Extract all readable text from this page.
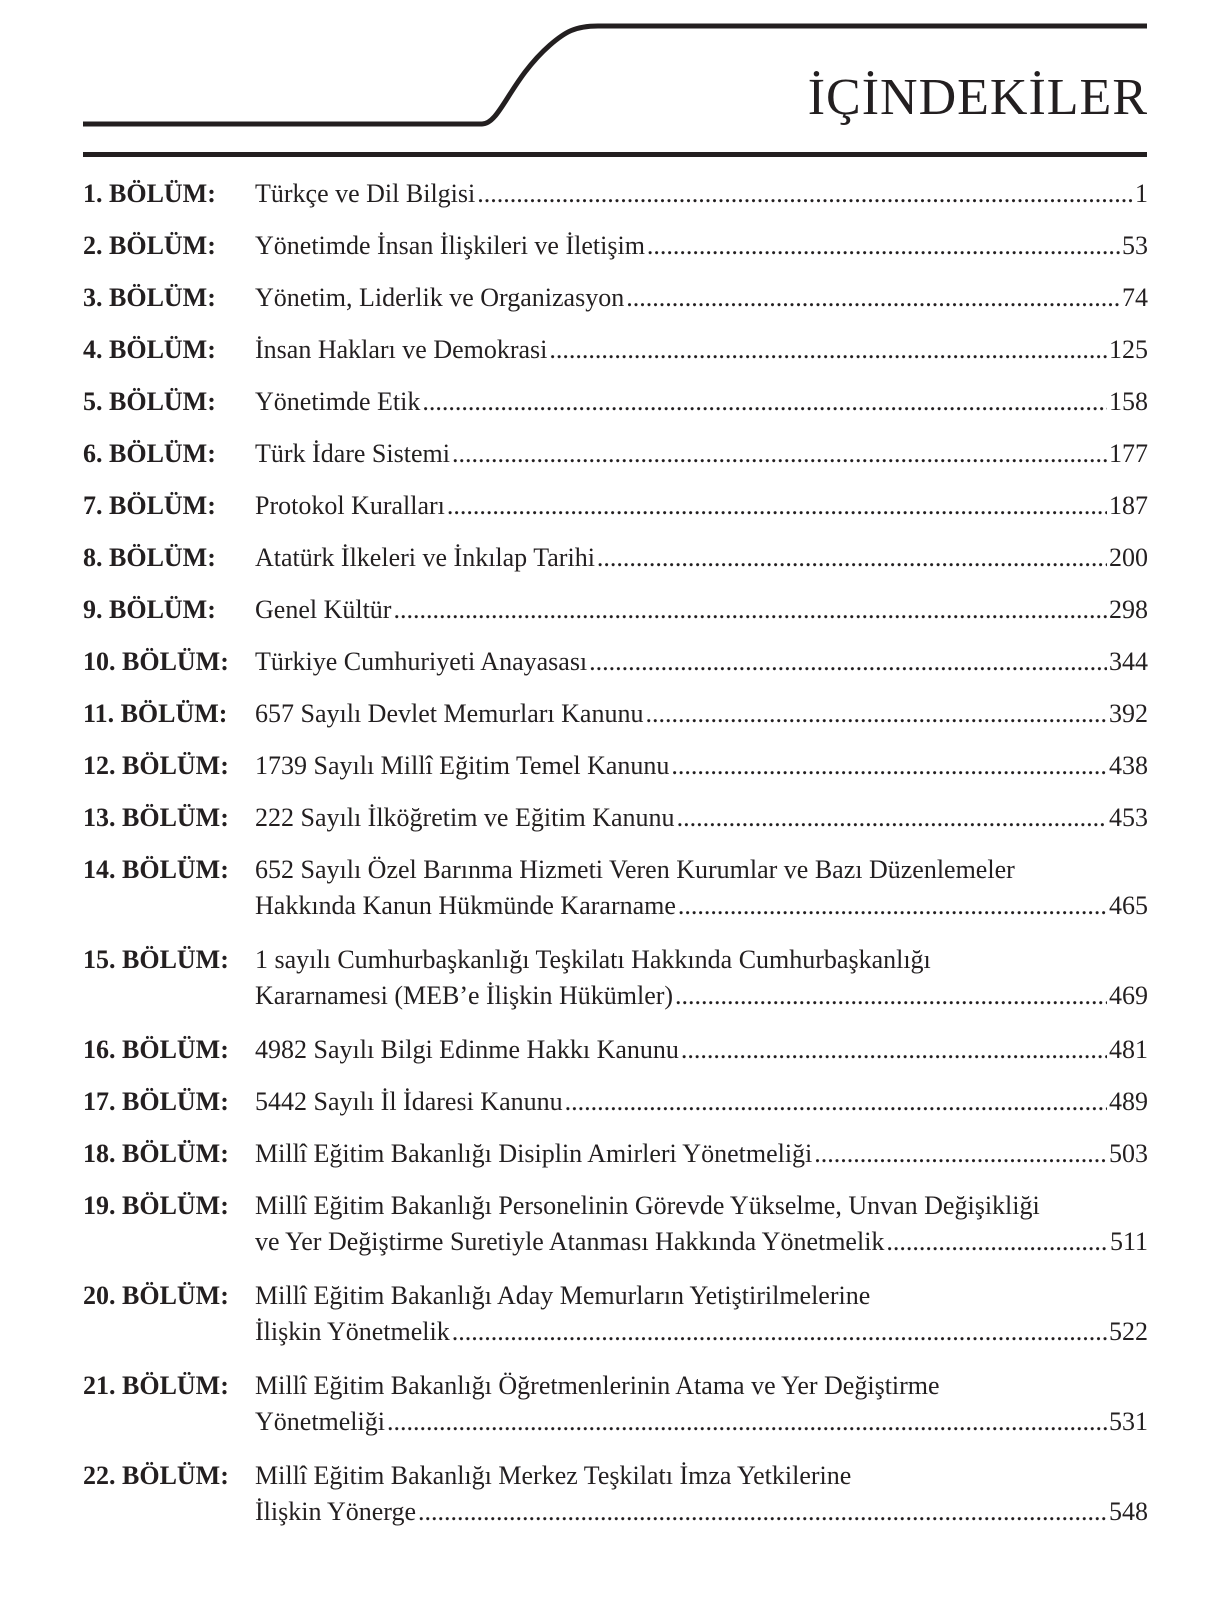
İÇİNDEKİLER
1. BÖLÜM:	Türkçe ve Dil Bilgisi .....	1
2. BÖLÜM:	Yönetimde İnsan İlişkileri ve İletişim .....	53
3. BÖLÜM:	Yönetim, Liderlik ve Organizasyon .....	74
4. BÖLÜM:	İnsan Hakları ve Demokrasi .....	125
5. BÖLÜM:	Yönetimde Etik .....	158
6. BÖLÜM:	Türk İdare Sistemi .....	177
7. BÖLÜM:	Protokol Kuralları .....	187
8. BÖLÜM:	Atatürk İlkeleri ve İnkılap Tarihi .....	200
9. BÖLÜM:	Genel Kültür .....	298
10. BÖLÜM:	Türkiye Cumhuriyeti Anayasası .....	344
11. BÖLÜM:	657 Sayılı Devlet Memurları Kanunu .....	392
12. BÖLÜM:	1739 Sayılı Millî Eğitim Temel Kanunu .....	438
13. BÖLÜM:	222 Sayılı İlköğretim ve Eğitim Kanunu .....	453
14. BÖLÜM:	652 Sayılı Özel Barınma Hizmeti Veren Kurumlar ve Bazı Düzenlemeler
Hakkında Kanun Hükmünde Kararname .....	465
15. BÖLÜM:	1 sayılı Cumhurbaşkanlığı Teşkilatı Hakkında Cumhurbaşkanlığı
Kararnamesi (MEB’e İlişkin Hükümler) .....	469
16. BÖLÜM:	4982 Sayılı Bilgi Edinme Hakkı Kanunu .....	481
17. BÖLÜM:	5442 Sayılı İl İdaresi Kanunu .....	489
18. BÖLÜM:	Millî Eğitim Bakanlığı Disiplin Amirleri Yönetmeliği .....	503
19. BÖLÜM:	Millî Eğitim Bakanlığı Personelinin Görevde Yükselme, Unvan Değişikliği
ve Yer Değiştirme Suretiyle Atanması Hakkında Yönetmelik .....	511
20. BÖLÜM:	Millî Eğitim Bakanlığı Aday Memurların Yetiştirilmelerine
İlişkin Yönetmelik .....	522
21. BÖLÜM:	Millî Eğitim Bakanlığı Öğretmenlerinin Atama ve Yer Değiştirme
Yönetmeliği .....	531
22. BÖLÜM:	Millî Eğitim Bakanlığı Merkez Teşkilatı İmza Yetkilerine
İlişkin Yönerge .....	548
